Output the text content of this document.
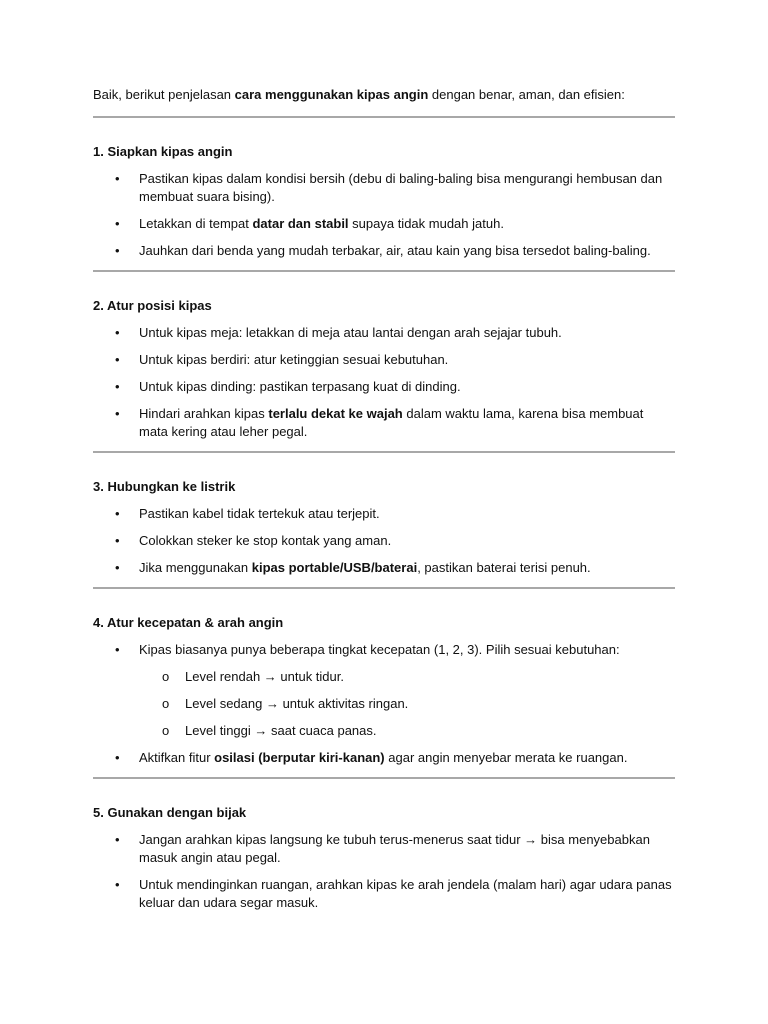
Baik, berikut penjelasan cara menggunakan kipas angin dengan benar, aman, dan efisien:

1. Siapkan kipas angin

• Pastikan kipas dalam kondisi bersih (debu di baling-baling bisa mengurangi hembusan dan membuat suara bising).
• Letakkan di tempat datar dan stabil supaya tidak mudah jatuh.
• Jauhkan dari benda yang mudah terbakar, air, atau kain yang bisa tersedot baling-baling.

2. Atur posisi kipas

• Untuk kipas meja: letakkan di meja atau lantai dengan arah sejajar tubuh.
• Untuk kipas berdiri: atur ketinggian sesuai kebutuhan.
• Untuk kipas dinding: pastikan terpasang kuat di dinding.
• Hindari arahkan kipas terlalu dekat ke wajah dalam waktu lama, karena bisa membuat mata kering atau leher pegal.

3. Hubungkan ke listrik

• Pastikan kabel tidak tertekuk atau terjepit.
• Colokkan steker ke stop kontak yang aman.
• Jika menggunakan kipas portable/USB/baterai, pastikan baterai terisi penuh.

4. Atur kecepatan & arah angin

• Kipas biasanya punya beberapa tingkat kecepatan (1, 2, 3). Pilih sesuai kebutuhan:
o Level rendah → untuk tidur.
o Level sedang → untuk aktivitas ringan.
o Level tinggi → saat cuaca panas.
• Aktifkan fitur osilasi (berputar kiri-kanan) agar angin menyebar merata ke ruangan.

5. Gunakan dengan bijak

• Jangan arahkan kipas langsung ke tubuh terus-menerus saat tidur → bisa menyebabkan masuk angin atau pegal.
• Untuk mendinginkan ruangan, arahkan kipas ke arah jendela (malam hari) agar udara panas keluar dan udara segar masuk.
